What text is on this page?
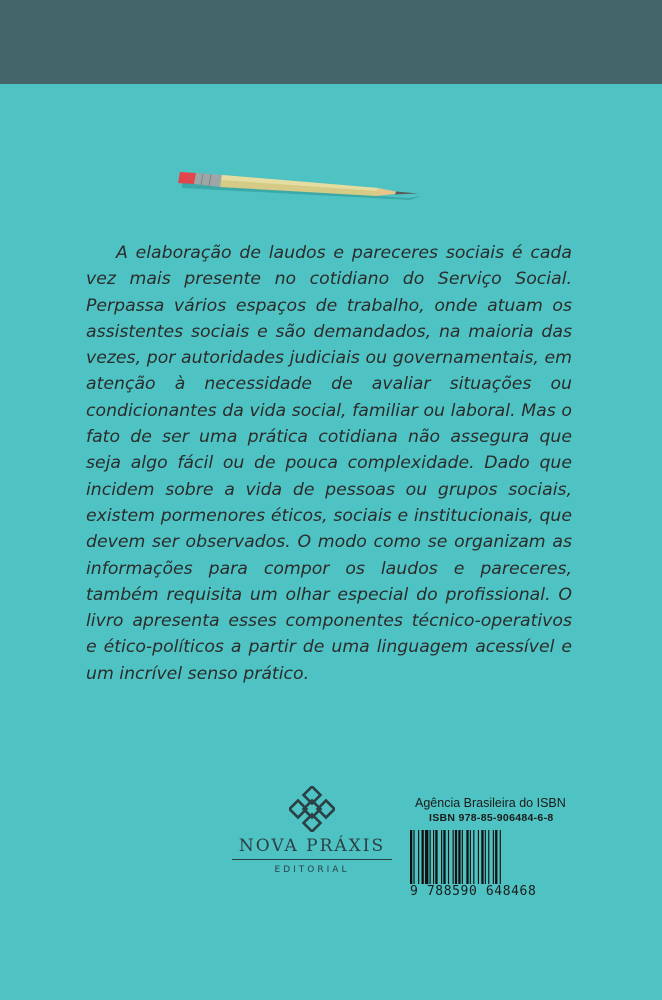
A elaboração de laudos e pareceres sociais é cada vez mais presente no cotidiano do Serviço Social. Perpassa vários espaços de trabalho, onde atuam os assistentes sociais e são demandados, na maioria das vezes, por autoridades judiciais ou governamentais, em atenção à necessidade de avaliar situações ou condicionantes da vida social, familiar ou laboral. Mas o fato de ser uma prática cotidiana não assegura que seja algo fácil ou de pouca complexidade. Dado que incidem sobre a vida de pessoas ou grupos sociais, existem pormenores éticos, sociais e institucionais, que devem ser observados. O modo como se organizam as informações para compor os laudos e pareceres, também requisita um olhar especial do profissional. O livro apresenta esses componentes técnico-operativos e ético-políticos a partir de uma linguagem acessível e um incrível senso prático.

NOVA PRÁXIS
EDITORIAL
Agência Brasileira do ISBN
ISBN 978-85-906484-6-8
9 788590 648468
